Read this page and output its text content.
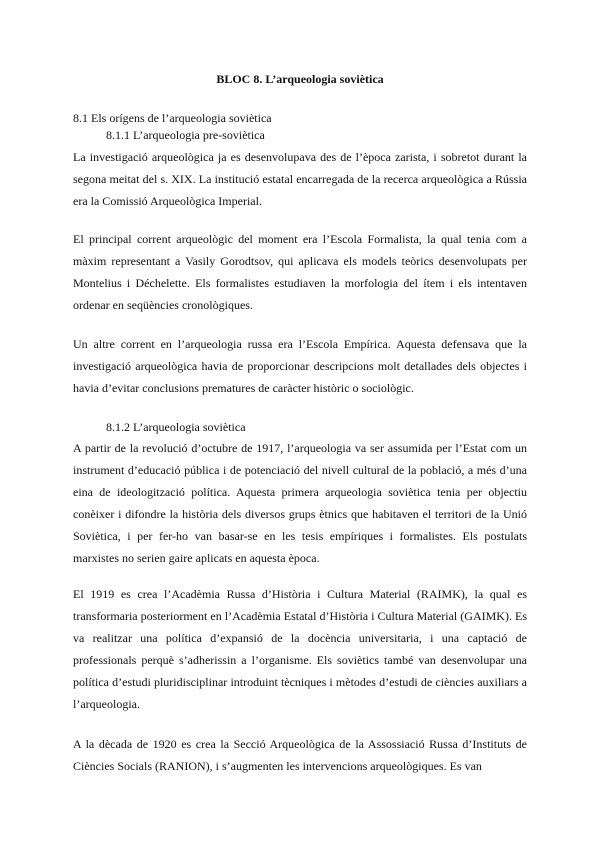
BLOC 8. L’arqueologia soviètica
8.1 Els orígens de l’arqueologia soviètica
8.1.1 L’arqueologia pre-soviètica

La investigació arqueològica ja es desenvolupava des de l’època zarista, i sobretot durant la segona meitat del s. XIX. La institució estatal encarregada de la recerca arqueològica a Rússia era la Comissió Arqueològica Imperial.

El principal corrent arqueològic del moment era l’Escola Formalista, la qual tenia com a màxim representant a Vasily Gorodtsov, qui aplicava els models teòrics desenvolupats per Montelius i Déchelette. Els formalistes estudiaven la morfologia del ítem i els intentaven ordenar en seqüències cronològiques.

Un altre corrent en l’arqueologia russa era l’Escola Empírica. Aquesta defensava que la investigació arqueològica havia de proporcionar descripcions molt detallades dels objectes i havia d’evitar conclusions prematures de caràcter històric o sociològic.

8.1.2 L’arqueologia soviètica

A partir de la revolució d’octubre de 1917, l’arqueologia va ser assumida per l’Estat com un instrument d’educació pública i de potenciació del nivell cultural de la població, a més d’una eina de ideologització política. Aquesta primera arqueologia soviètica tenia per objectiu conèixer i difondre la història dels diversos grups ètnics que habitaven el territori de la Unió Soviètica, i per fer-ho van basar-se en les tesis empíriques i formalistes. Els postulats marxistes no serien gaire aplicats en aquesta època.

El 1919 es crea l’Acadèmia Russa d’Història i Cultura Material (RAIMK), la qual es transformaria posteriorment en l’Acadèmia Estatal d’Història i Cultura Material (GAIMK). Es va realitzar una política d’expansió de la docència universitaria, i una captació de professionals perquè s’adherissin a l’organisme. Els soviètics també van desenvolupar una política d’estudi pluridisciplinar introduint tècniques i mètodes d’estudi de ciències auxiliars a l’arqueologia.

A la dècada de 1920 es crea la Secció Arqueològica de la Assossiació Russa d’Instituts de Ciències Socials (RANION), i s’augmenten les intervencions arqueològiques. Es van
